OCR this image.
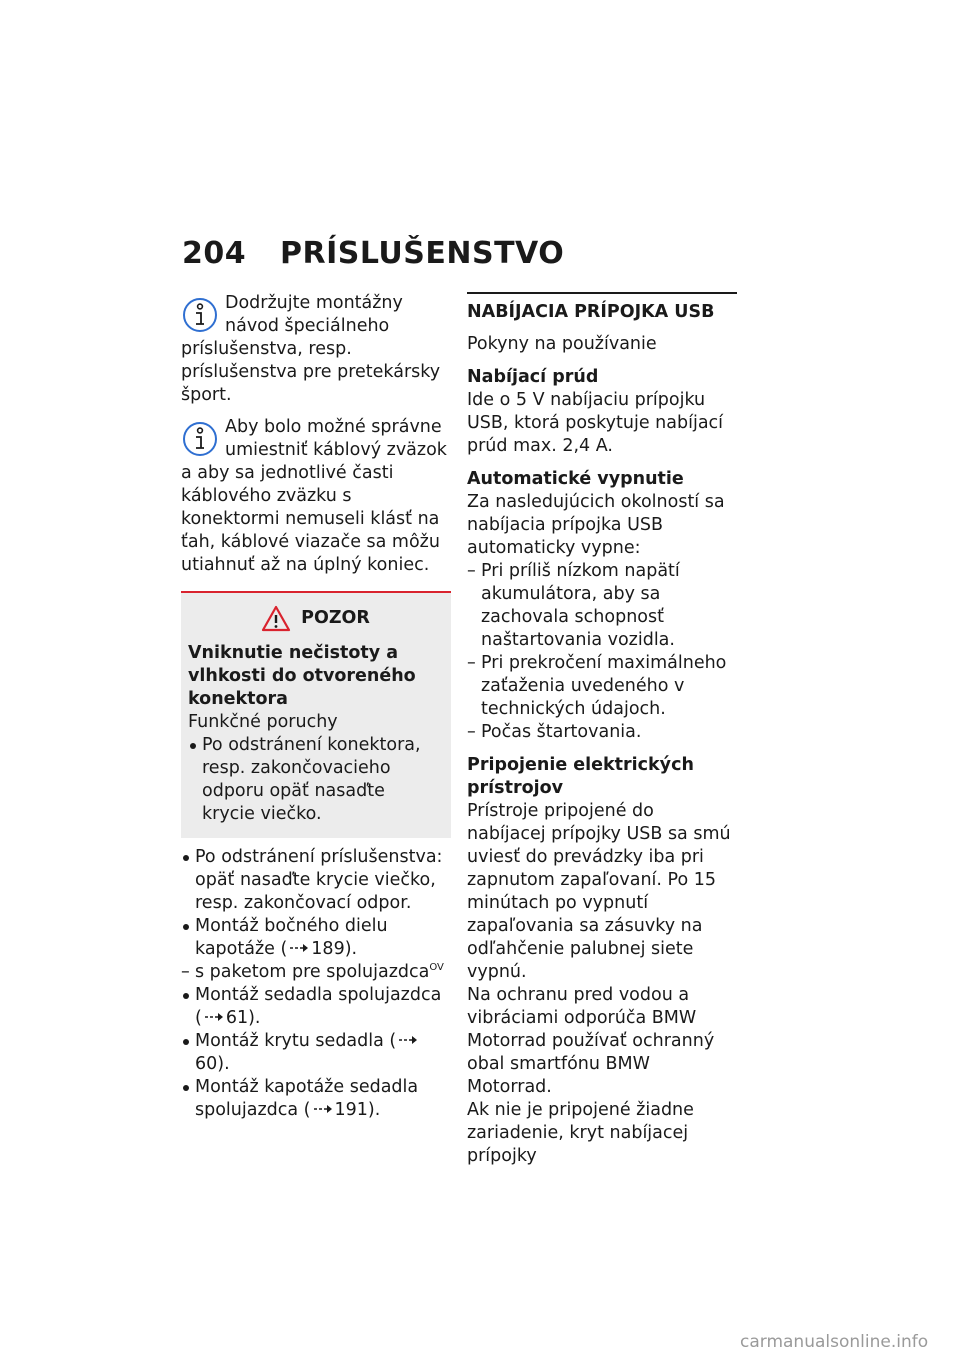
204	PRÍSLUŠENSTVO

Dodržujte montážny návod špeciálneho príslušenstva, resp. príslušenstva pre pretekársky šport.

Aby bolo možné správne umiestniť káblový zväzok a aby sa jednotlivé časti káblového zväzku s konektormi nemuseli klásť na ťah, káblové viazače sa môžu utiahnuť až na úplný koniec.

POZOR

Vniknutie nečistoty a vlhkosti do otvoreného konektora

Funkčné poruchy

Po odstránení konektora, resp. zakončovacieho odporu opäť nasaďte krycie viečko.
Po odstránení príslušenstva: opäť nasaďte krycie viečko, resp. zakončovací odpor.
Montáž bočného dielu kapotáže ( 189).
– s paketom pre spolujazdca$^{OV}$
Montáž sedadla spolujazdca ( 61).
Montáž krytu sedadla (60).
Montáž kapotáže sedadla spolujazdca ( 191).

NABÍJACIA PRÍPOJKA USB

Pokyny na používanie

Nabíjací prúd

Ide o 5 V nabíjaciu prípojku USB, ktorá poskytuje nabíjací prúd max. 2,4 A.

Automatické vypnutie

Za nasledujúcich okolností sa nabíjacia prípojka USB automaticky vypne:

– Pri príliš nízkom napätí akumulátora, aby sa zachovala schopnosť naštartovania vozidla.
– Pri prekročení maximálneho zaťaženia uvedeného v technických údajoch.
– Počas štartovania.

Pripojenie elektrických prístrojov

Prístroje pripojené do nabíjacej prípojky USB sa smú uviesť do prevádzky iba pri zapnutom zapaľovaní. Po 15 minútach po vypnutí zapaľovania sa zásuvky na odľahčenie palubnej siete vypnú.

Na ochranu pred vodou a vibráciami odporúča BMW Motorrad používať ochranný obal smartfónu BMW Motorrad.

Ak nie je pripojené žiadne zariadenie, kryt nabíjacej prípojky

carmanualsonline.info
